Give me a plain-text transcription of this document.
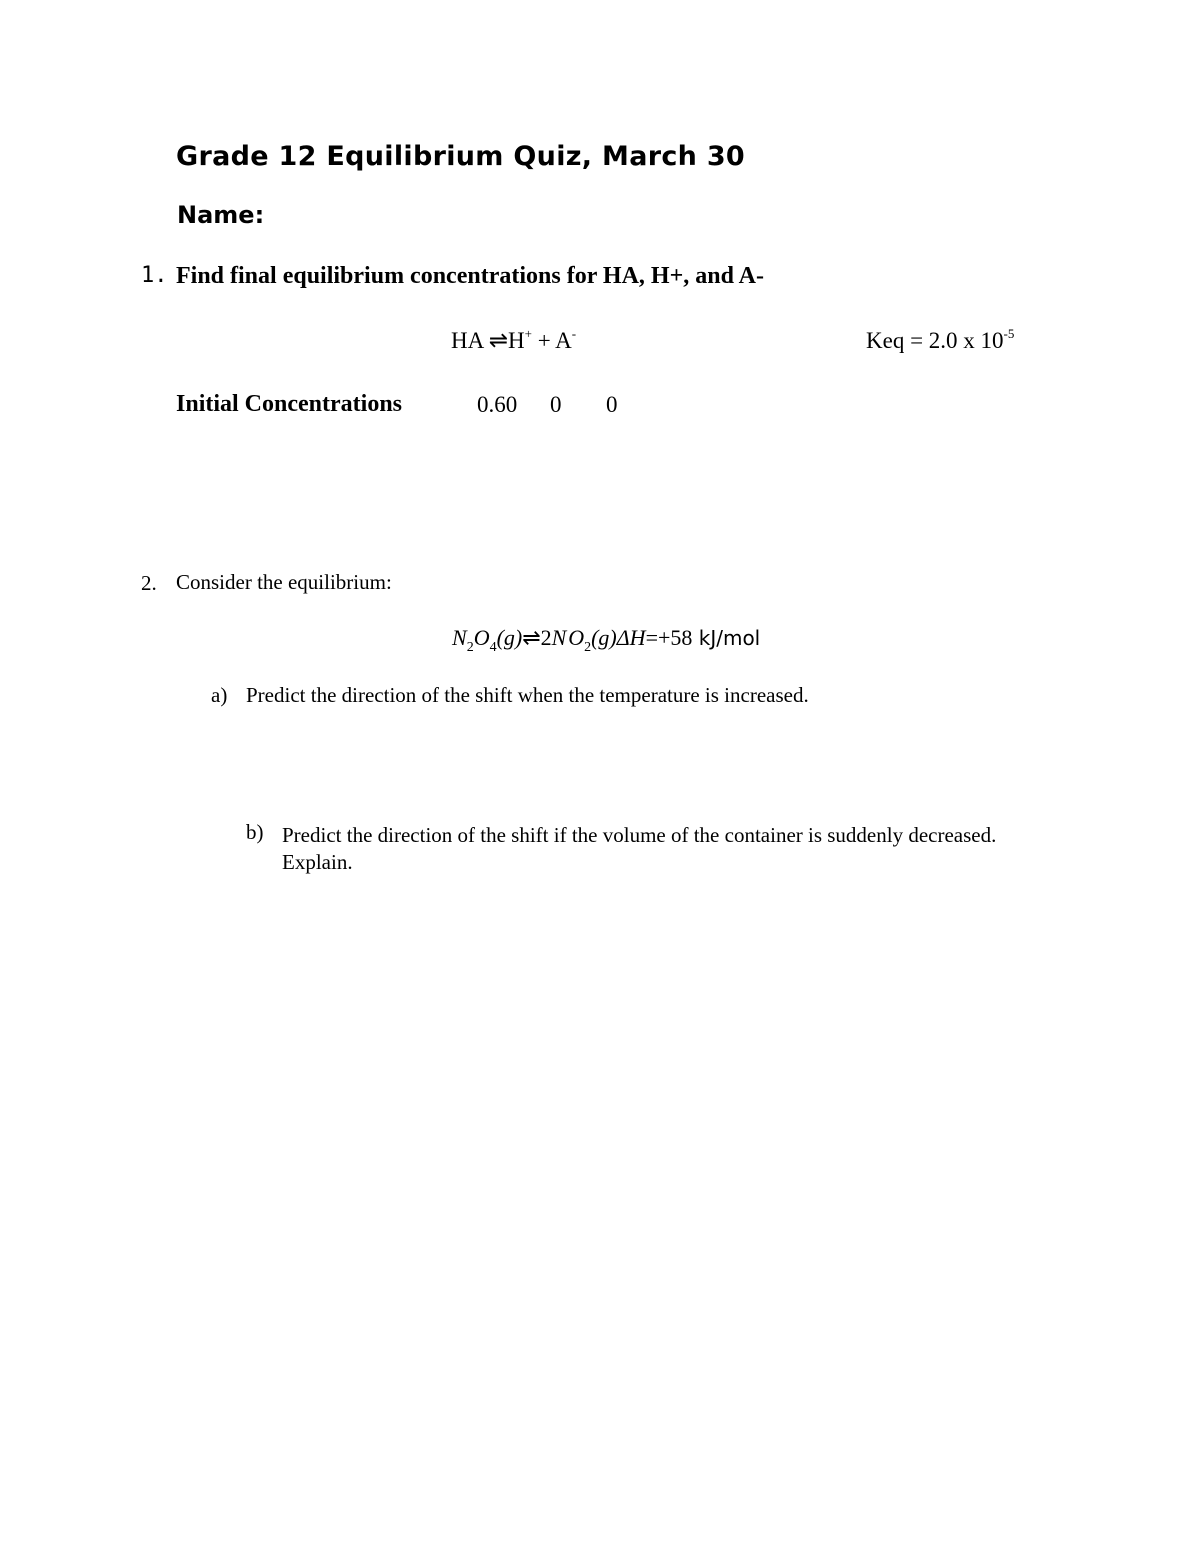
Grade 12 Equilibrium Quiz, March 30
Name:
1. Find final equilibrium concentrations for HA, H+, and A-
HA ⇌H+ + A-	Keq = 2.0 x $10^{-5}$
Initial Concentrations	0.60 0 0
2. Consider the equilibrium:
$N_2O_4(g)\rightleftharpoons 2N$ $O_2(g)\Delta H=+58$ kJ/mol
a) Predict the direction of the shift when the temperature is increased.
b) Predict the direction of the shift if the volume of the container is suddenly decreased. Explain.
